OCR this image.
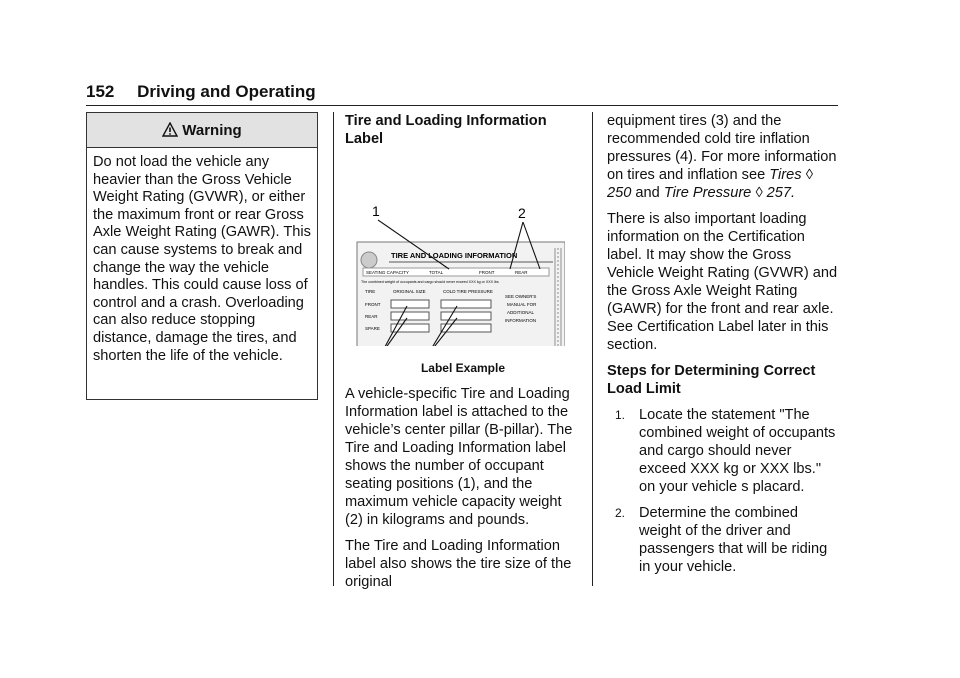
152 Driving and Operating
Warning
Do not load the vehicle any heavier than the Gross Vehicle Weight Rating (GVWR), or either the maximum front or rear Gross Axle Weight Rating (GAWR). This can cause systems to break and change the way the vehicle handles. This could cause loss of control and a crash. Overloading can also reduce stopping distance, damage the tires, and shorten the life of the vehicle.

Tire and Loading Information Label

1	2
TIRE AND LOADING INFORMATION
SEATING CAPACITY	TOTAL	FRONT	REAR
The combined weight of occupants and cargo should never exceed XXX kg or XXX lbs
TIRE	ORIGINAL SIZE	COLD TIRE PRESSURE
FRONT
REAR
SPARE
SEE OWNER'S
MANUAL FOR
ADDITIONAL
INFORMATION
Label Example

A vehicle-specific Tire and Loading Information label is attached to the vehicle’s center pillar (B-pillar). The Tire and Loading Information label shows the number of occupant seating positions (1), and the maximum vehicle capacity weight (2) in kilograms and pounds.

The Tire and Loading Information label also shows the tire size of the original

equipment tires (3) and the recommended cold tire inflation pressures (4). For more information on tires and inflation see Tires ◊ 250 and Tire Pressure ◊ 257.

There is also important loading information on the Certification label. It may show the Gross Vehicle Weight Rating (GVWR) and the Gross Axle Weight Rating (GAWR) for the front and rear axle. See Certification Label later in this section.

Steps for Determining Correct Load Limit

1. Locate the statement "The combined weight of occupants and cargo should never exceed XXX kg or XXX lbs." on your vehicle s placard.
2. Determine the combined weight of the driver and passengers that will be riding in your vehicle.
